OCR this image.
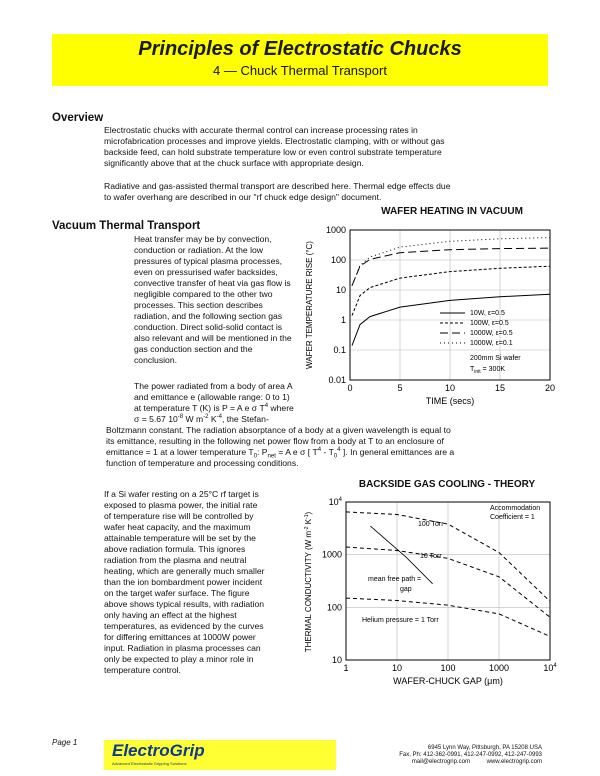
Principles of Electrostatic Chucks
4 — Chuck Thermal Transport
Overview
Electrostatic chucks with accurate thermal control can increase processing rates in
microfabrication processes and improve yields. Electrostatic clamping, with or without gas
backside feed, can hold substrate temperature low or even control substrate temperature
significantly above that at the chuck surface with appropriate design.
Radiative and gas-assisted thermal transport are described here. Thermal edge effects due
to wafer overhang are described in our "rf chuck edge design" document.
Vacuum Thermal Transport
Heat transfer may be by convection,
conduction or radiation. At the low
pressures of typical plasma processes,
even on pressurised wafer backsides,
convective transfer of heat via gas flow is
negligible compared to the other two
processes. This section describes
radiation, and the following section gas
conduction. Direct solid-solid contact is
also relevant and will be mentioned in the
gas conduction section and the
conclusion.
The power radiated from a body of area A
and emittance e (allowable range: 0 to 1)
at temperature T (K) is P = A e σ $T^4$ where
σ = 5.67 $10^{-8}$ W $m^{-2}$ $K^{-4}$, the Stefan-
Boltzmann constant. The radiation absorptance of a body at a given wavelength is equal to
its emittance, resulting in the following net power flow from a body at T to an enclosure of
emittance = 1 at a lower temperature $T_0$: $P_{net} = A$ e σ [ $T^4 - T_0^4$ ]. In general emittances are a
function of temperature and processing conditions.
If a Si wafer resting on a 25°C rf target is
exposed to plasma power, the initial rate
of temperature rise will be controlled by
wafer heat capacity, and the maximum
attainable temperature will be set by the
above radiation formula. This ignores
radiation from the plasma and neutral
heating, which are generally much smaller
than the ion bombardment power incident
on the target wafer surface. The figure
above shows typical results, with radiation
only having an effect at the highest
temperatures, as evidenced by the curves
for differing emittances at 1000W power
input. Radiation in plasma processes can
only be expected to play a minor role in
temperature control.
WAFER HEATING IN VACUUM
0	5	10	15	20
1000
100
10
1
0.1
0.01
TIME (secs)
WAFER TEMPERATURE RISE (°C)	10W, ε=0.5
100W, ε=0.5
1000W, ε=0.5
1000W, ε=0.1
200mm Si wafer
$T_{init} = 300K$
BACKSIDE GAS COOLING - THEORY
1	10	100	1000	$10^4$
10
100
1000
$10^4$
WAFER-CHUCK GAP (μm)
THERMAL CONDUCTIVITY (W $m^{-2}$ $K^{-1}$)
100 Torr
10 Torr
mean free path =
gap
Helium pressure = 1 Torr
Accommodation
Coefficient = 1
Page 1 ElectroGrip
Advanced Electrostatic Gripping Solutions
6945 Lynn Way, Pittsburgh, PA 15208 USA
Fax, Ph: 412-362-0991, 412-247-0992, 412-247-0993
mail@electrogrip.com          www.electrogrip.com
